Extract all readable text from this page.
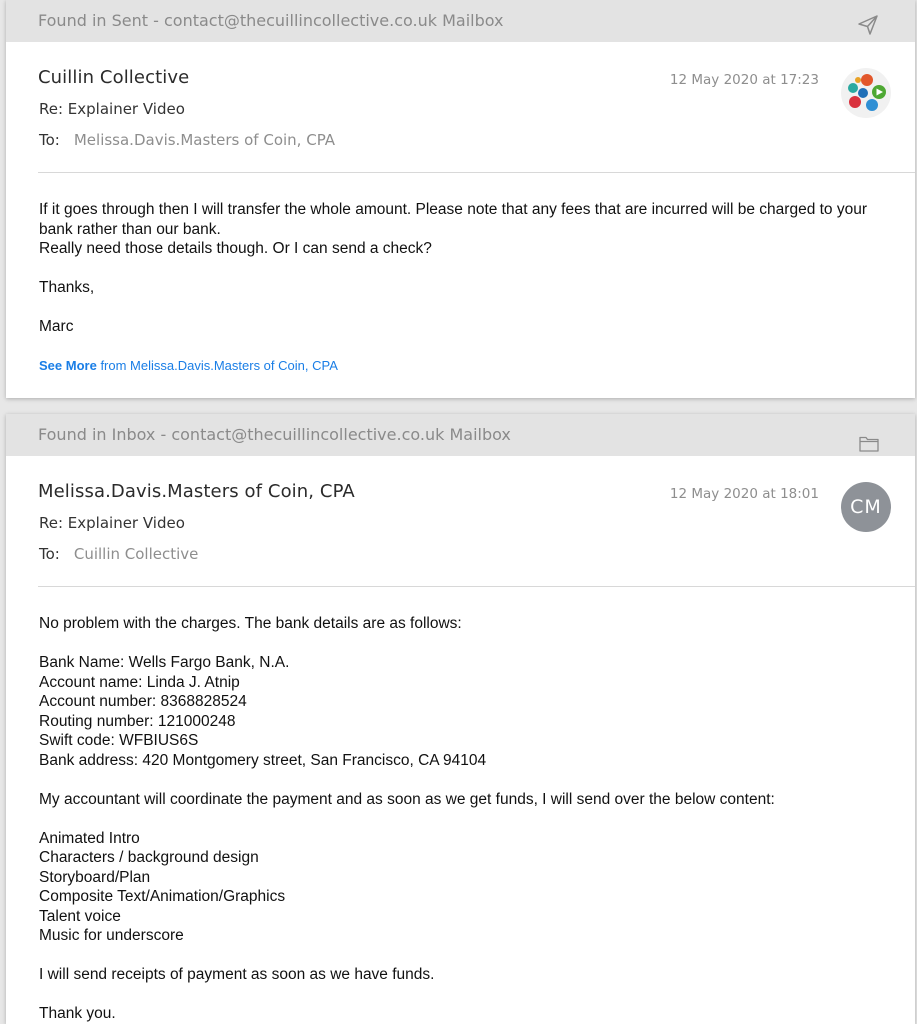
Found in Sent - contact@thecuillincollective.co.uk Mailbox
Cuillin Collective
Re: Explainer Video
To: Melissa.Davis.Masters of Coin, CPA
12 May 2020 at 17:23

If it goes through then I will transfer the whole amount. Please note that any fees that are incurred will be charged to your bank rather than our bank.
Really need those details though. Or I can send a check?

Thanks,

Marc

See More from Melissa.Davis.Masters of Coin, CPA
Found in Inbox - contact@thecuillincollective.co.uk Mailbox
Melissa.Davis.Masters of Coin, CPA
Re: Explainer Video
To: Cuillin Collective
12 May 2020 at 18:01
CM

No problem with the charges. The bank details are as follows:

Bank Name: Wells Fargo Bank, N.A.
Account name: Linda J. Atnip
Account number: 8368828524
Routing number: 121000248
Swift code: WFBIUS6S
Bank address: 420 Montgomery street, San Francisco, CA 94104

My accountant will coordinate the payment and as soon as we get funds, I will send over the below content:

Animated Intro
Characters / background design
Storyboard/Plan
Composite Text/Animation/Graphics
Talent voice
Music for underscore

I will send receipts of payment as soon as we have funds.

Thank you.
